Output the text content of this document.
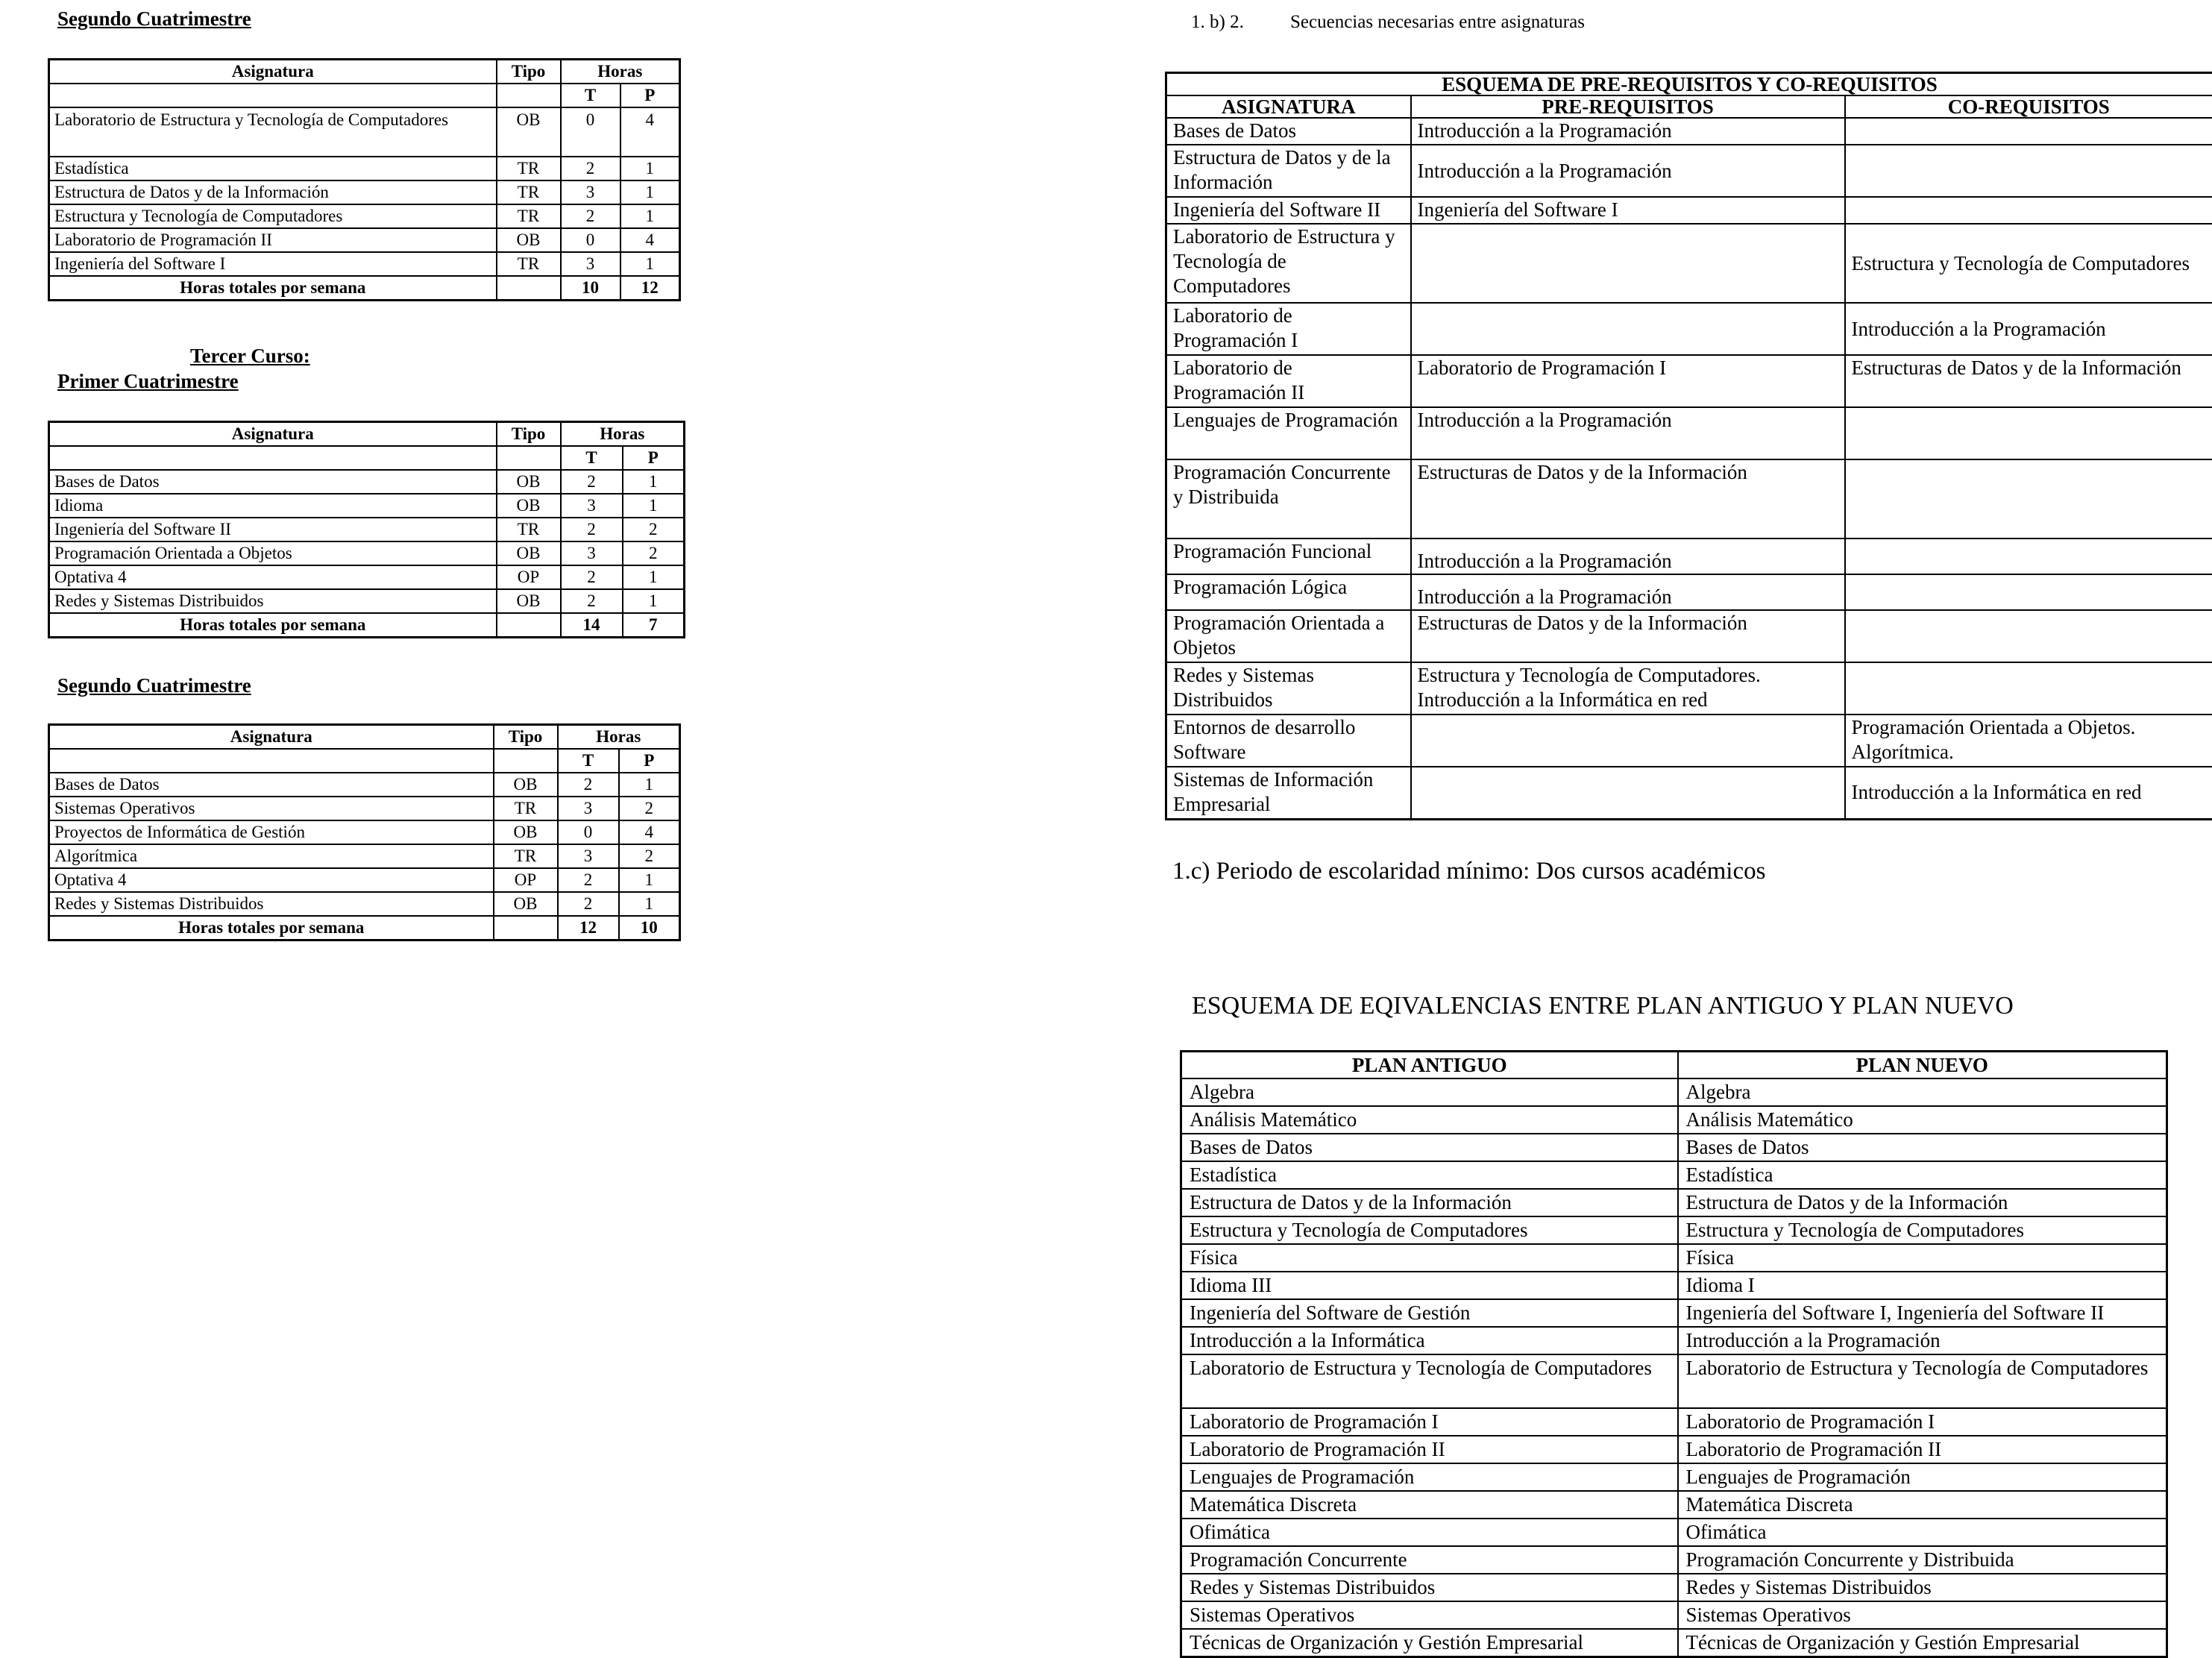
Segundo Cuatrimestre
Asignatura	Tipo	Horas	
		T	P
Laboratorio de Estructura y Tecnología de Computadores	OB	0	4
Estadística	TR	2	1
Estructura de Datos y de la Información	TR	3	1
Estructura y Tecnología de Computadores	TR	2	1
Laboratorio de Programación II	OB	0	4
Ingeniería del Software I	TR	3	1
Horas totales por semana		10	12
Tercer Curso:
Primer Cuatrimestre
Asignatura	Tipo	Horas	
		T	P
Bases de Datos	OB	2	1
Idioma	OB	3	1
Ingeniería del Software II	TR	2	2
Programación Orientada a Objetos	OB	3	2
Optativa 4	OP	2	1
Redes y Sistemas Distribuidos	OB	2	1
Horas totales por semana		14	7
Segundo Cuatrimestre
Asignatura	Tipo	Horas	
		T	P
Bases de Datos	OB	2	1
Sistemas Operativos	TR	3	2
Proyectos de Informática de Gestión	OB	0	4
Algorítmica	TR	3	2
Optativa 4	OP	2	1
Redes y Sistemas Distribuidos	OB	2	1
Horas totales por semana		12	10
1. b) 2. Secuencias necesarias entre asignaturas
ESQUEMA DE PRE-REQUISITOS Y CO-REQUISITOS		
ASIGNATURA	PRE-REQUISITOS	CO-REQUISITOS
Bases de Datos	Introducción a la Programación	
Estructura de Datos y de la Información	Introducción a la Programación	
Ingeniería del Software II	Ingeniería del Software I	
Laboratorio de Estructura y Tecnología de Computadores		Estructura y Tecnología de Computadores
Laboratorio de Programación I		Introducción a la Programación
Laboratorio de Programación II	Laboratorio de Programación I	Estructuras de Datos y de la Información
Lenguajes de Programación	Introducción a la Programación	
Programación Concurrente y Distribuida	Estructuras de Datos y de la Información	
Programación Funcional	Introducción a la Programación	
Programación Lógica	Introducción a la Programación	
Programación Orientada a Objetos	Estructuras de Datos y de la Información	
Redes y Sistemas Distribuidos	Estructura y Tecnología de Computadores. Introducción a la Informática en red	
Entornos de desarrollo Software		Programación Orientada a Objetos. Algorítmica.
Sistemas de Información Empresarial		Introducción a la Informática en red
1.c) Periodo de escolaridad mínimo: Dos cursos académicos
ESQUEMA DE EQIVALENCIAS ENTRE PLAN ANTIGUO Y PLAN NUEVO
PLAN ANTIGUO	PLAN NUEVO
Algebra	Algebra
Análisis Matemático	Análisis Matemático
Bases de Datos	Bases de Datos
Estadística	Estadística
Estructura de Datos y de la Información	Estructura de Datos y de la Información
Estructura y Tecnología de Computadores	Estructura y Tecnología de Computadores
Física	Física
Idioma III	Idioma I
Ingeniería del Software de Gestión	Ingeniería del Software I, Ingeniería del Software II
Introducción a la Informática	Introducción a la Programación
Laboratorio de Estructura y Tecnología de Computadores	Laboratorio de Estructura y Tecnología de Computadores
Laboratorio de Programación I	Laboratorio de Programación I
Laboratorio de Programación II	Laboratorio de Programación II
Lenguajes de Programación	Lenguajes de Programación
Matemática Discreta	Matemática Discreta
Ofimática	Ofimática
Programación Concurrente	Programación Concurrente y Distribuida
Redes y Sistemas Distribuidos	Redes y Sistemas Distribuidos
Sistemas Operativos	Sistemas Operativos
Técnicas de Organización y Gestión Empresarial	Técnicas de Organización y Gestión Empresarial
